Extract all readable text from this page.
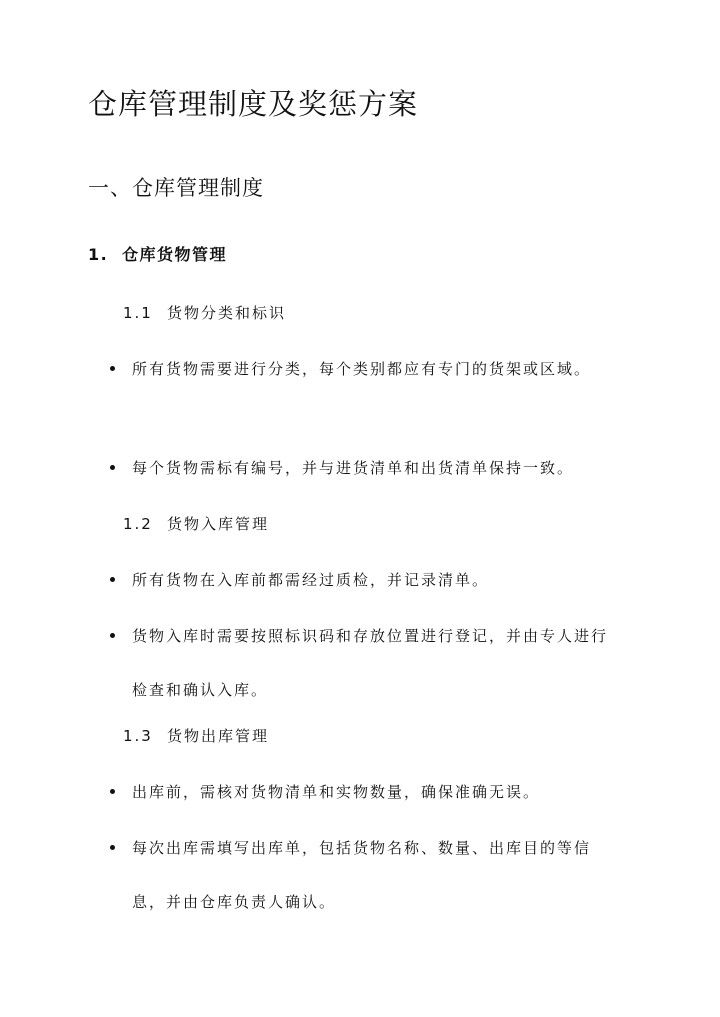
仓库管理制度及奖惩方案
一、仓库管理制度
1. 仓库货物管理
1.1 货物分类和标识
所有货物需要进行分类，每个类别都应有专门的货架或区域。
每个货物需标有编号，并与进货清单和出货清单保持一致。
1.2 货物入库管理
所有货物在入库前都需经过质检，并记录清单。
货物入库时需要按照标识码和存放位置进行登记，并由专人进行检查和确认入库。
1.3 货物出库管理
出库前，需核对货物清单和实物数量，确保准确无误。
每次出库需填写出库单，包括货物名称、数量、出库目的等信息，并由仓库负责人确认。
